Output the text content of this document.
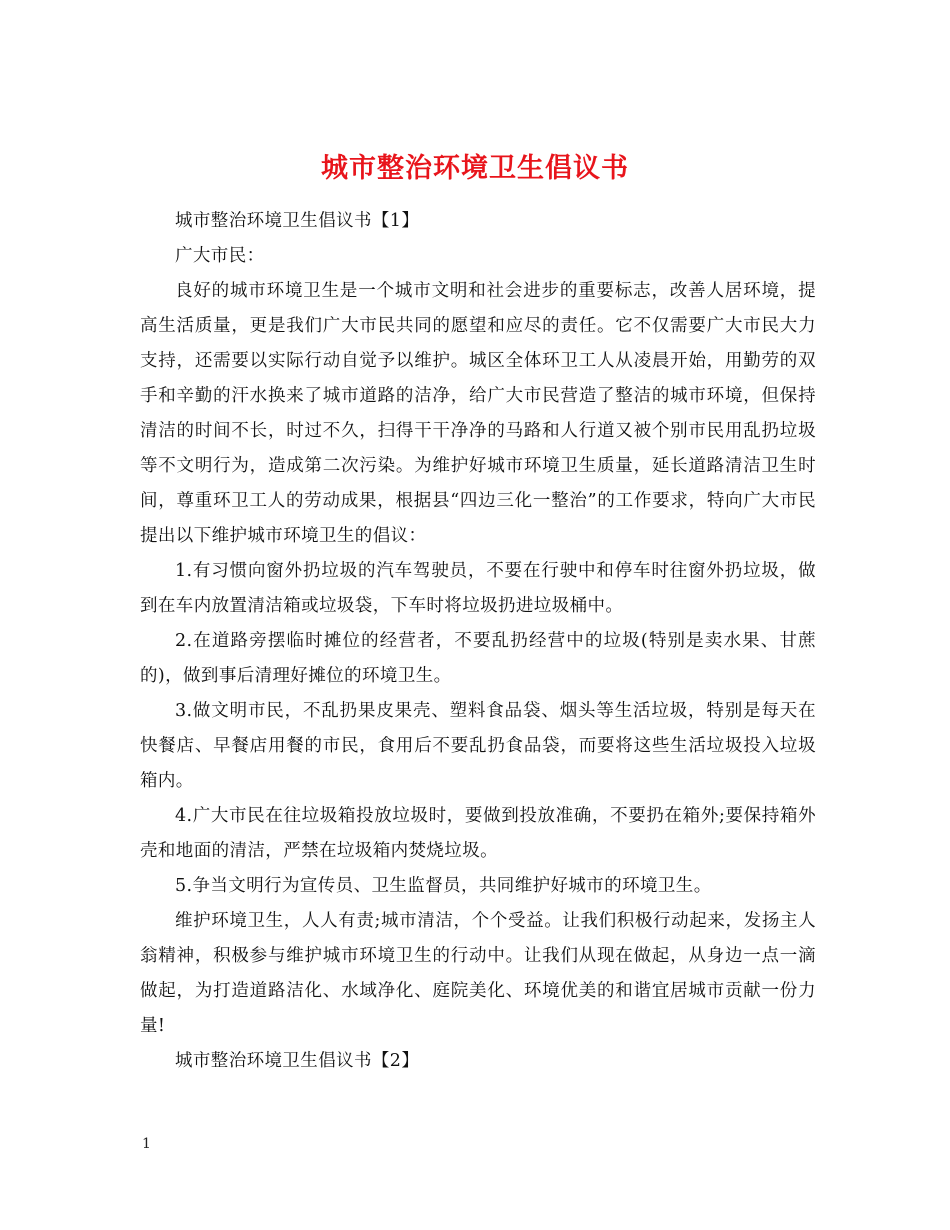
城市整治环境卫生倡议书

城市整治环境卫生倡议书【1】

广大市民：

良好的城市环境卫生是一个城市文明和社会进步的重要标志，改善人居环境，提高生活质量，更是我们广大市民共同的愿望和应尽的责任。它不仅需要广大市民大力支持，还需要以实际行动自觉予以维护。城区全体环卫工人从凌晨开始，用勤劳的双手和辛勤的汗水换来了城市道路的洁净，给广大市民营造了整洁的城市环境，但保持清洁的时间不长，时过不久，扫得干干净净的马路和人行道又被个别市民用乱扔垃圾等不文明行为，造成第二次污染。为维护好城市环境卫生质量，延长道路清洁卫生时间，尊重环卫工人的劳动成果，根据县“四边三化一整治”的工作要求，特向广大市民提出以下维护城市环境卫生的倡议：

1.有习惯向窗外扔垃圾的汽车驾驶员，不要在行驶中和停车时往窗外扔垃圾，做到在车内放置清洁箱或垃圾袋，下车时将垃圾扔进垃圾桶中。

2.在道路旁摆临时摊位的经营者，不要乱扔经营中的垃圾(特别是卖水果、甘蔗的)，做到事后清理好摊位的环境卫生。

3.做文明市民，不乱扔果皮果壳、塑料食品袋、烟头等生活垃圾，特别是每天在快餐店、早餐店用餐的市民，食用后不要乱扔食品袋，而要将这些生活垃圾投入垃圾箱内。

4.广大市民在往垃圾箱投放垃圾时，要做到投放准确，不要扔在箱外;要保持箱外壳和地面的清洁，严禁在垃圾箱内焚烧垃圾。

5.争当文明行为宣传员、卫生监督员，共同维护好城市的环境卫生。

维护环境卫生，人人有责;城市清洁，个个受益。让我们积极行动起来，发扬主人翁精神，积极参与维护城市环境卫生的行动中。让我们从现在做起，从身边一点一滴做起，为打造道路洁化、水域净化、庭院美化、环境优美的和谐宜居城市贡献一份力量!

城市整治环境卫生倡议书【2】

1
